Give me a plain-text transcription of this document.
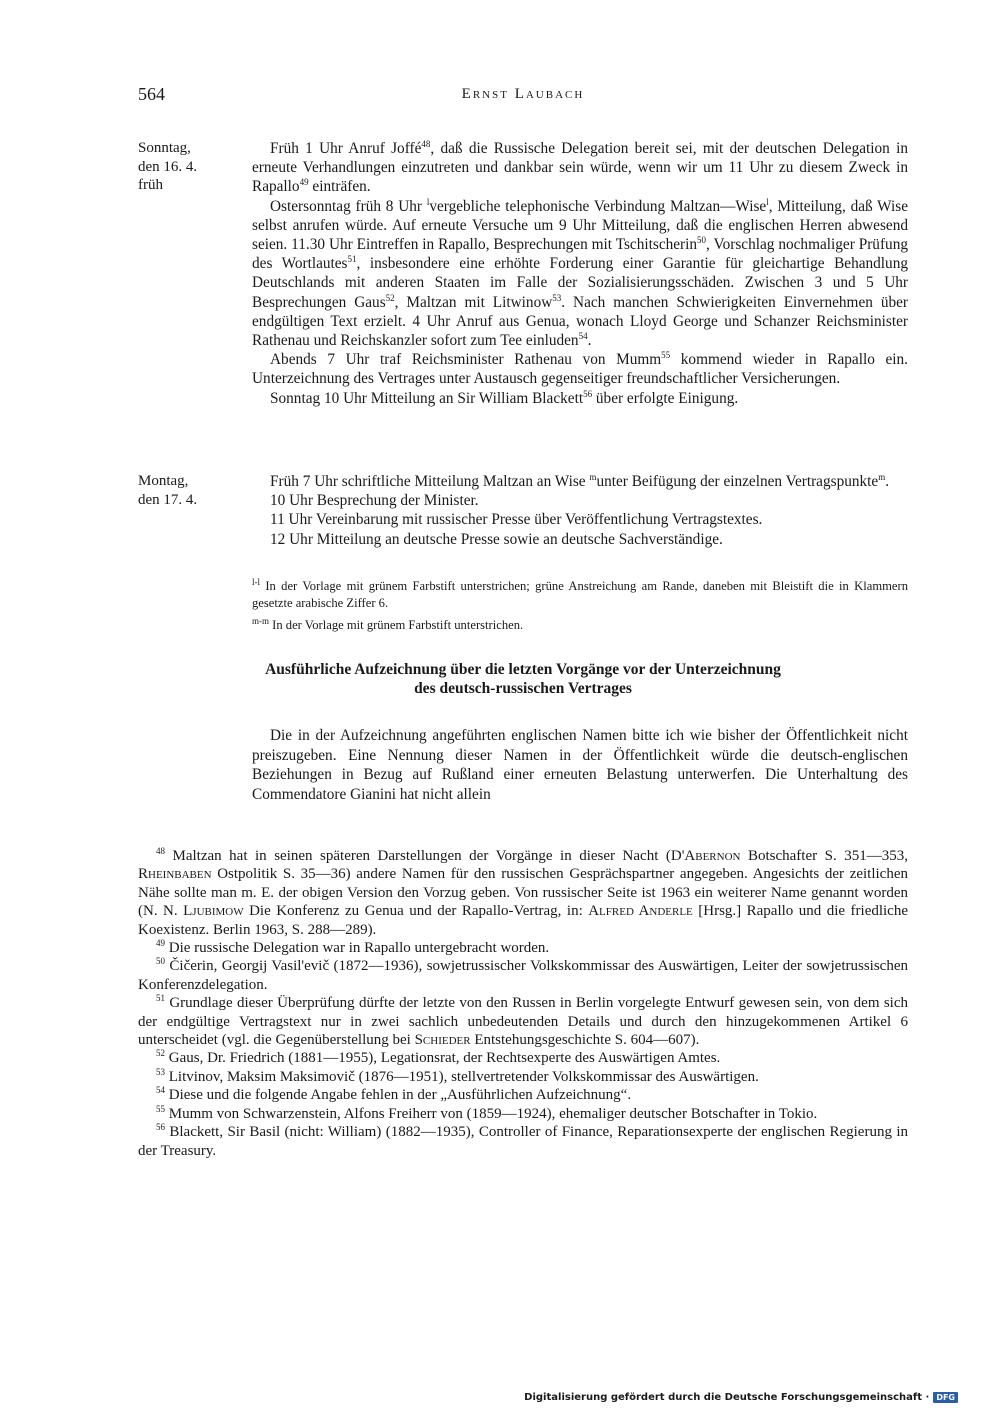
564	Ernst Laubach
Sonntag,
den 16. 4.
früh

Früh 1 Uhr Anruf Joffé$^{48}$, daß die Russische Delegation bereit sei, mit der deutschen Delegation in erneute Verhandlungen einzutreten und dankbar sein würde, wenn wir um 11 Uhr zu diesem Zweck in Rapallo$^{49}$ einträfen.

Ostersonntag früh 8 Uhr $^l$vergebliche telephonische Verbindung Maltzan—Wise$^l$, Mitteilung, daß Wise selbst anrufen würde. Auf erneute Versuche um 9 Uhr Mitteilung, daß die englischen Herren abwesend seien. 11.30 Uhr Eintreffen in Rapallo, Besprechungen mit Tschitscherin$^{50}$, Vorschlag nochmaliger Prüfung des Wortlautes$^{51}$, insbesondere eine erhöhte Forderung einer Garantie für gleichartige Behandlung Deutschlands mit anderen Staaten im Falle der Sozialisierungsschäden. Zwischen 3 und 5 Uhr Besprechungen Gaus$^{52}$, Maltzan mit Litwinow$^{53}$. Nach manchen Schwierigkeiten Einvernehmen über endgültigen Text erzielt. 4 Uhr Anruf aus Genua, wonach Lloyd George und Schanzer Reichsminister Rathenau und Reichskanzler sofort zum Tee einluden$^{54}$.

Abends 7 Uhr traf Reichsminister Rathenau von Mumm$^{55}$ kommend wieder in Rapallo ein. Unterzeichnung des Vertrages unter Austausch gegenseitiger freundschaftlicher Versicherungen.

Sonntag 10 Uhr Mitteilung an Sir William Blackett$^{56}$ über erfolgte Einigung.

Montag,
den 17. 4.

Früh 7 Uhr schriftliche Mitteilung Maltzan an Wise $^m$unter Beifügung der einzelnen Vertragspunkte$^m$.

10 Uhr Besprechung der Minister.

11 Uhr Vereinbarung mit russischer Presse über Veröffentlichung Vertragstextes.

12 Uhr Mitteilung an deutsche Presse sowie an deutsche Sachverständige.

$^{l-l}$ In der Vorlage mit grünem Farbstift unterstrichen; grüne Anstreichung am Rande, daneben mit Bleistift die in Klammern gesetzte arabische Ziffer 6.

$^{m-m}$ In der Vorlage mit grünem Farbstift unterstrichen.

Ausführliche Aufzeichnung über die letzten Vorgänge vor der Unterzeichnung
des deutsch-russischen Vertrages
Die in der Aufzeichnung angeführten englischen Namen bitte ich wie bisher der Öffentlichkeit nicht preiszugeben. Eine Nennung dieser Namen in der Öffentlichkeit würde die deutsch-englischen Beziehungen in Bezug auf Rußland einer erneuten Belastung unterwerfen. Die Unterhaltung des Commendatore Gianini hat nicht allein

$^{48}$ Maltzan hat in seinen späteren Darstellungen der Vorgänge in dieser Nacht (D'Abernon Botschafter S. 351—353, Rheinbaben Ostpolitik S. 35—36) andere Namen für den russischen Gesprächspartner angegeben. Angesichts der zeitlichen Nähe sollte man m. E. der obigen Version den Vorzug geben. Von russischer Seite ist 1963 ein weiterer Name genannt worden (N. N. Ljubimow Die Konferenz zu Genua und der Rapallo-Vertrag, in: Alfred Anderle [Hrsg.] Rapallo und die friedliche Koexistenz. Berlin 1963, S. 288—289).

$^{49}$ Die russische Delegation war in Rapallo untergebracht worden.

$^{50}$ Čičerin, Georgij Vasil'evič (1872—1936), sowjetrussischer Volkskommissar des Auswärtigen, Leiter der sowjetrussischen Konferenzdelegation.

$^{51}$ Grundlage dieser Überprüfung dürfte der letzte von den Russen in Berlin vorgelegte Entwurf gewesen sein, von dem sich der endgültige Vertragstext nur in zwei sachlich unbedeutenden Details und durch den hinzugekommenen Artikel 6 unterscheidet (vgl. die Gegenüberstellung bei Schieder Entstehungsgeschichte S. 604—607).

$^{52}$ Gaus, Dr. Friedrich (1881—1955), Legationsrat, der Rechtsexperte des Auswärtigen Amtes.

$^{53}$ Litvinov, Maksim Maksimovič (1876—1951), stellvertretender Volkskommissar des Auswärtigen.

$^{54}$ Diese und die folgende Angabe fehlen in der „Ausführlichen Aufzeichnung“.

$^{55}$ Mumm von Schwarzenstein, Alfons Freiherr von (1859—1924), ehemaliger deutscher Botschafter in Tokio.

$^{56}$ Blackett, Sir Basil (nicht: William) (1882—1935), Controller of Finance, Reparationsexperte der englischen Regierung in der Treasury.

Digitalisierung gefördert durch die Deutsche Forschungsgemeinschaft · DFG
